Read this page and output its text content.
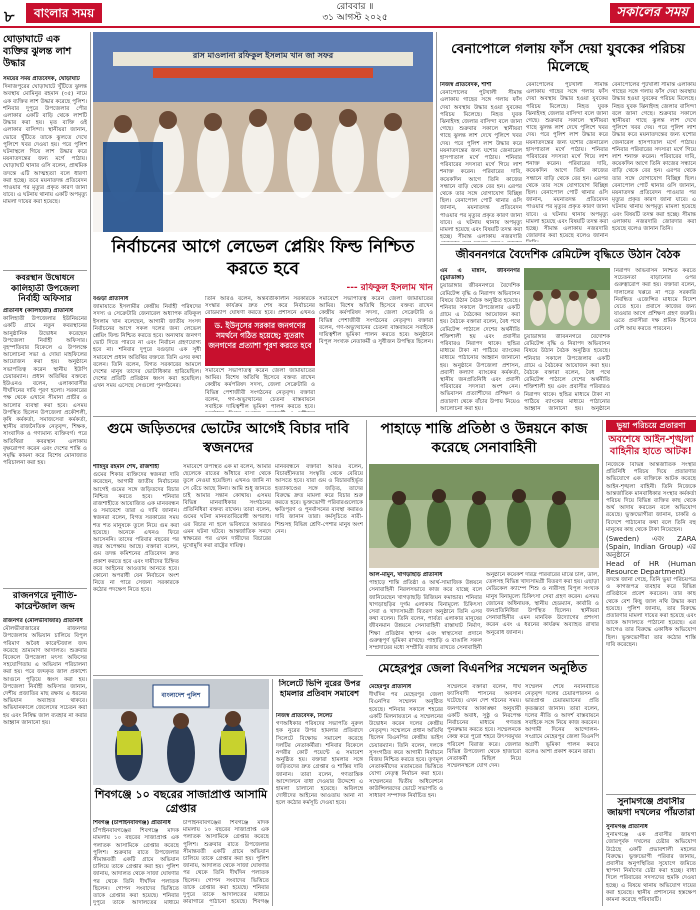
৮	বাংলার সময়	রোববার ॥
৩১ আগস্ট ২০২৫	সকালের সময়
ঘোড়াঘাটে এক ব্যক্তির ঝুলন্ত লাশ উদ্ধার

সময়ের সময় প্রতিবেদক, ঘোড়াঘাট

দিনাজপুরের ঘোড়াঘাটে খুঁটিতে ঝুলন্ত অবস্থায় মোমিনুর রহমান (৩৫) নামে এক ব্যক্তির লাশ উদ্ধার করেছে পুলিশ। শনিবার দুপুরে উপজেলার পৌর এলাকার একটি বাড়ি থেকে লাশটি উদ্ধার করা হয়। মৃত ব্যক্তি ওই এলাকার বাসিন্দা। স্থানীয়রা জানান, ভোরে খুঁটিতে তাকে ঝুলতে দেখে পুলিশে খবর দেওয়া হয়। পরে পুলিশ ঘটনাস্থলে গিয়ে লাশ উদ্ধার করে ময়নাতদন্তের জন্য মর্গে পাঠায়। ঘোড়াঘাট থানার ওসি বলেন, প্রাথমিক তদন্তে এটি আত্মহত্যা বলে ধারণা করা হচ্ছে। তবে ময়নাতদন্ত প্রতিবেদন পাওয়ার পর মৃত্যুর প্রকৃত কারণ জানা যাবে। এ ঘটনায় থানায় একটি অপমৃত্যু মামলা দায়ের করা হয়েছে।

কবরস্থান উদ্বোধনে
কালিহাতী উপজেলা নির্বাহী অফিসার

প্রতিনিধি (কালিহাতী) প্রতিনিধি

কালিহাতী উপজেলার ইউনিয়নের একটি গ্রামে নতুন কবরস্থানের আনুষ্ঠানিক উদ্বোধন করেছেন উপজেলা নির্বাহী অফিসার। বৃহস্পতিবার বিকেলে এ উপলক্ষে আলোচনা সভা ও দোয়া মাহফিলের আয়োজন করা হয়। অনুষ্ঠানে সভাপতিত্ব করেন স্থানীয় ইউপি চেয়ারম্যান। প্রধান অতিথির বক্তব্যে ইউএনও বলেন, এলাকাবাসীর দীর্ঘদিনের দাবি পূরণ হলো। সরকারের পক্ষ থেকে এখানে সীমানা প্রাচীর ও আলোর ব্যবস্থা করা হবে। এসময় উপস্থিত ছিলেন উপজেলা প্রকৌশলী, কৃষি কর্মকর্তা, সমাজসেবা কর্মকর্তা, স্থানীয় রাজনৈতিক নেতৃবৃন্দ, শিক্ষক, সাংবাদিক ও গণ্যমান্য ব্যক্তিবর্গ। পরে অতিথিরা কবরস্থান এলাকায় বৃক্ষরোপণ করেন এবং দেশের শান্তি ও সমৃদ্ধি কামনা করে বিশেষ মোনাজাত পরিচালনা করা হয়।

রাজনগরে দুর্নীতি-কারেন্টজাল জব্দ

রাজনগর (মৌলভীবাজার) প্রতিনিধি

মৌলভীবাজারের রাজনগর উপজেলায় অভিযান চালিয়ে বিপুল পরিমাণ অবৈধ কারেন্টজাল জব্দ করেছে ভ্রাম্যমাণ আদালত। শুক্রবার বিকেলে উপজেলা মৎস্য অফিসের সহযোগিতায় এ অভিযান পরিচালনা করা হয়। পরে জব্দকৃত জাল প্রকাশ্যে আগুনে পুড়িয়ে ধ্বংস করা হয়। উপজেলা নির্বাহী অফিসার জানান, দেশীয় প্রজাতির মাছ রক্ষায় এ ধরনের অভিযান অব্যাহত থাকবে। অভিযানকালে জেলেদের সচেতন করা হয় এবং নিষিদ্ধ জাল ব্যবহার না করার আহ্বান জানানো হয়।

রাস মাওলানা রফিকুল ইসলাম খান জা সফর
নির্বাচনের আগে লেভেল প্লেয়িং ফিল্ড নিশ্চিত করতে হবে
--- রফিকুল ইসলাম খান

বগুড়া প্রতিনিধি

জামায়াতে ইসলামীর কেন্দ্রীয় নির্বাহী পরিষদের সদস্য ও সেক্রেটারি জেনারেল অধ্যাপক রফিকুল ইসলাম খান বলেছেন, আগামী জাতীয় সংসদ নির্বাচনের আগে সকল দলের জন্য লেভেল প্লেয়িং ফিল্ড নিশ্চিত করতে হবে। অন্যথায় জনগণ ভোট দিতে পারবে না এবং নির্বাচন গ্রহণযোগ্য হবে না। শনিবার দুপুরে বগুড়ায় এক সুধী সমাবেশে প্রধান অতিথির বক্তব্যে তিনি এসব কথা বলেন। তিনি বলেন, বিগত সরকারের আমলে দেশের মানুষ তাদের ভোটাধিকার হারিয়েছিল। দেশের প্রতিটি প্রতিষ্ঠান ধ্বংস করা হয়েছিল। এখন সময় এসেছে সেগুলো পুনর্গঠনের।

তিনি আরও বলেন, অন্তর্বর্তীকালীন সরকারকে সংস্কার কার্যক্রম দ্রুত শেষ করে নির্বাচনের রোডম্যাপ ঘোষণা করতে হবে। প্রশাসনে এখনও

ড. ইউনূসের সরকার জনগণের সমর্থনে গঠিত হয়েছে; সুতরাং জনগণের প্রত্যাশা পূরণ করতে হবে

সমাবেশে সভাপতিত্ব করেন জেলা জামায়াতের আমির। বিশেষ অতিথি হিসেবে বক্তব্য রাখেন কেন্দ্রীয় কর্মপরিষদ সদস্য, জেলা সেক্রেটারি ও বিভিন্ন পেশাজীবী সংগঠনের নেতৃবৃন্দ। বক্তারা বলেন, গণ-অভ্যুত্থানের চেতনা বাস্তবায়নে সবাইকে দায়িত্বশীল ভূমিকা পালন করতে হবে।

সমাবেশে সভাপতিত্ব করেন জেলা জামায়াতের আমির। বিশেষ অতিথি হিসেবে বক্তব্য রাখেন কেন্দ্রীয় কর্মপরিষদ সদস্য, জেলা সেক্রেটারি ও বিভিন্ন পেশাজীবী সংগঠনের নেতৃবৃন্দ। বক্তারা বলেন, গণ-অভ্যুত্থানের চেতনা বাস্তবায়নে সবাইকে দায়িত্বশীল ভূমিকা পালন করতে হবে। অনুষ্ঠানে বিপুল সংখ্যক নেতাকর্মী ও সুধীজন উপস্থিত ছিলেন।

বেনাপোলে গলায় ফাঁস দেয়া যুবকের পরিচয় মিলেছে

নিজস্ব প্রতিবেদক, শার্শা

বেনাপোলের পুটখালী সীমান্ত এলাকায় গাছের সঙ্গে গলায় ফাঁস দেয়া অবস্থায় উদ্ধার হওয়া যুবকের পরিচয় মিলেছে। নিহত যুবক ঝিনাইদহ জেলার বাসিন্দা বলে জানা গেছে। শুক্রবার সকালে স্থানীয়রা গাছে ঝুলন্ত লাশ দেখে পুলিশে খবর দেয়। পরে পুলিশ লাশ উদ্ধার করে ময়নাতদন্তের জন্য যশোর জেনারেল হাসপাতাল মর্গে পাঠায়। শনিবার পরিবারের সদস্যরা মর্গে গিয়ে লাশ শনাক্ত করেন। পরিবারের দাবি, কয়েকদিন আগে তিনি কাজের সন্ধানে বাড়ি থেকে বের হন। এরপর থেকে তার সঙ্গে যোগাযোগ বিচ্ছিন্ন ছিল। বেনাপোল পোর্ট থানার ওসি জানান, ময়নাতদন্ত প্রতিবেদন পাওয়ার পর মৃত্যুর প্রকৃত কারণ জানা যাবে। এ ঘটনায় থানায় অপমৃত্যু মামলা হয়েছে এবং বিষয়টি তদন্ত করা হচ্ছে। সীমান্ত এলাকায় নজরদারি

বেনাপোলের পুটখালী সীমান্ত এলাকায় গাছের সঙ্গে গলায় ফাঁস দেয়া অবস্থায় উদ্ধার হওয়া যুবকের পরিচয় মিলেছে। নিহত যুবক ঝিনাইদহ জেলার বাসিন্দা বলে জানা গেছে। শুক্রবার সকালে স্থানীয়রা গাছে ঝুলন্ত লাশ দেখে পুলিশে খবর দেয়। পরে পুলিশ লাশ উদ্ধার করে ময়নাতদন্তের জন্য যশোর জেনারেল হাসপাতাল মর্গে পাঠায়। শনিবার পরিবারের সদস্যরা মর্গে গিয়ে লাশ শনাক্ত করেন। পরিবারের দাবি, কয়েকদিন আগে তিনি কাজের সন্ধানে বাড়ি থেকে বের হন। এরপর থেকে তার সঙ্গে যোগাযোগ বিচ্ছিন্ন ছিল। বেনাপোল পোর্ট থানার ওসি জানান, ময়নাতদন্ত প্রতিবেদন পাওয়ার পর মৃত্যুর প্রকৃত কারণ জানা যাবে। এ ঘটনায় থানায় অপমৃত্যু মামলা হয়েছে এবং বিষয়টি তদন্ত করা হচ্ছে। সীমান্ত এলাকায় নজরদারি জোরদার করা হয়েছে বলেও জানান

বেনাপোলের পুটখালী সীমান্ত এলাকায় গাছের সঙ্গে গলায় ফাঁস দেয়া অবস্থায় উদ্ধার হওয়া যুবকের পরিচয় মিলেছে। নিহত যুবক ঝিনাইদহ জেলার বাসিন্দা বলে জানা গেছে। শুক্রবার সকালে স্থানীয়রা গাছে ঝুলন্ত লাশ দেখে পুলিশে খবর দেয়। পরে পুলিশ লাশ উদ্ধার করে ময়নাতদন্তের জন্য যশোর জেনারেল হাসপাতাল মর্গে পাঠায়। শনিবার পরিবারের সদস্যরা মর্গে গিয়ে লাশ শনাক্ত করেন। পরিবারের দাবি, কয়েকদিন আগে তিনি কাজের সন্ধানে বাড়ি থেকে বের হন। এরপর থেকে তার সঙ্গে যোগাযোগ বিচ্ছিন্ন ছিল। বেনাপোল পোর্ট থানার ওসি জানান, ময়নাতদন্ত প্রতিবেদন পাওয়ার পর মৃত্যুর প্রকৃত কারণ জানা যাবে। এ ঘটনায় থানায় অপমৃত্যু মামলা হয়েছে এবং বিষয়টি তদন্ত করা হচ্ছে। সীমান্ত এলাকায় নজরদারি জোরদার করা হয়েছে বলেও জানান তিনি।

জীবননগরে বৈদেশিক রেমিটেন্স বৃদ্ধিতে উঠান বৈঠক

এম এ মান্নান, জীবননগর (চুয়াডাঙ্গা)

চুয়াডাঙ্গার জীবননগরে বৈদেশিক রেমিটেন্স বৃদ্ধি ও নিরাপদ অভিবাসন বিষয়ে উঠান বৈঠক অনুষ্ঠিত হয়েছে। শনিবার সকালে উপজেলার একটি গ্রামে এ বৈঠকের আয়োজন করা হয়। বৈঠকে বক্তারা বলেন, বৈধ পথে রেমিটেন্স পাঠালে দেশের অর্থনীতি শক্তিশালী হয় এবং প্রবাসীর পরিবারও নিরাপদ থাকে। হুন্ডির মাধ্যমে টাকা না পাঠিয়ে ব্যাংকের মাধ্যমে পাঠানোর আহ্বান জানানো হয়। অনুষ্ঠানে উপজেলা প্রশাসন, প্রবাসী কল্যাণ ব্যাংকের কর্মকর্তা, স্থানীয় জনপ্রতিনিধি এবং প্রবাসী পরিবারের সদস্যরা অংশ নেন। অভিবাসন প্রত্যাশীদের প্রশিক্ষণ ও প্রতারণা থেকে বাঁচার উপায় নিয়েও আলোচনা করা হয়।

চুয়াডাঙ্গার জীবননগরে বৈদেশিক রেমিটেন্স বৃদ্ধি ও নিরাপদ অভিবাসন বিষয়ে উঠান বৈঠক অনুষ্ঠিত হয়েছে। শনিবার সকালে উপজেলার একটি গ্রামে এ বৈঠকের আয়োজন করা হয়। বৈঠকে বক্তারা বলেন, বৈধ পথে রেমিটেন্স পাঠালে দেশের অর্থনীতি শক্তিশালী হয় এবং প্রবাসীর পরিবারও নিরাপদ থাকে। হুন্ডির মাধ্যমে টাকা না পাঠিয়ে ব্যাংকের মাধ্যমে পাঠানোর আহ্বান জানানো হয়। অনুষ্ঠানে

নিরাপদ অভিবাসন নিশ্চিত করতে সচেতনতা বাড়ানোর ওপর গুরুত্বারোপ করা হয়। বক্তারা বলেন, দালালের খপ্পরে না পড়ে সরকারি নিবন্ধিত এজেন্সির মাধ্যমে বিদেশ যেতে হবে। প্রবাসে কাজের জন্য যাওয়ার আগে প্রশিক্ষণ গ্রহণ জরুরি। এতে প্রবাসীরা দক্ষ শ্রমিক হিসেবে বেশি আয় করতে পারবেন।

গুমে জড়িতদের ভোটের আগেই বিচার দাবি স্বজনদের

শাহিদুর রহমান শেখ, রাজশাহী

গুমের শিকার ব্যক্তিদের স্বজনরা দাবি করেছেন, আগামী জাতীয় নির্বাচনের আগেই গুমের সঙ্গে জড়িতদের বিচার নিশ্চিত করতে হবে। শনিবার রাজশাহীতে আয়োজিত এক মানববন্ধন ও সমাবেশে তারা এ দাবি জানান। স্বজনরা বলেন, বিগত সরকারের সময় শত শত মানুষকে তুলে নিয়ে গুম করা হয়েছে। অনেকে এখনও ফিরে আসেননি। তাদের পরিবার বছরের পর বছর অপেক্ষায় আছে। বক্তারা বলেন, গুম তদন্ত কমিশনের প্রতিবেদন দ্রুত প্রকাশ করতে হবে এবং দায়ীদের চিহ্নিত করে আইনের আওতায় আনতে হবে। কোনো অপরাধী যেন নির্বাচনে অংশ নিতে না পারে সেজন্য সরকারকে কঠোর পদক্ষেপ নিতে হবে।

সমাবেশে উপস্থিত এক মা বলেন, আমার ছেলেকে রাতের আঁধারে বাসা থেকে তুলে নেওয়া হয়েছিল। এখনও জানি না সে বেঁচে আছে কিনা। আমি শুধু জানতে চাই আমার সন্তান কোথায়। এসময় বিভিন্ন মানবাধিকার সংগঠনের প্রতিনিধিরা বক্তব্য রাখেন। তারা বলেন, গুমের ঘটনা মানবতাবিরোধী অপরাধ। এর বিচার না হলে ভবিষ্যতে আবারও এমন ঘটনা ঘটবে। আন্তর্জাতিক সনদে স্বাক্ষরের পর এখন দায়ীদের বিচারের মুখোমুখি করা রাষ্ট্রের দায়িত্ব।

মানববন্ধনে বক্তারা আরও বলেন, বিচারহীনতার সংস্কৃতি থেকে বেরিয়ে আসতে হবে। যারা গুম ও বিচারবহির্ভূত হত্যাকাণ্ডের সঙ্গে জড়িত, তাদের বিরুদ্ধে দ্রুত মামলা করে বিচার শুরু করতে হবে। ভুক্তভোগী পরিবারগুলোকে ক্ষতিপূরণ ও পুনর্বাসনের ব্যবস্থা করারও দাবি জানান তারা। কর্মসূচিতে নারী-শিশুসহ বিভিন্ন শ্রেণি-পেশার মানুষ অংশ নেন।

পাহাড়ে শান্তি প্রতিষ্ঠা ও উন্নয়নে কাজ করেছে সেনাবাহিনী

আল-মামুন, খাগড়াছড়ি প্রতিনিধি

পাহাড়ে শান্তি প্রতিষ্ঠা ও আর্থ-সামাজিক উন্নয়নে সেনাবাহিনী নিরলসভাবে কাজ করে যাচ্ছে বলে জানিয়েছেন খাগড়াছড়ি রিজিয়ন কমান্ডার। শনিবার খাগড়াছড়ির দুর্গম এলাকায় বিনামূল্যে চিকিৎসা সেবা ও খাদ্যসামগ্রী বিতরণ অনুষ্ঠানে তিনি এসব কথা বলেন। তিনি বলেন, পার্বত্য এলাকার মানুষের জীবনমান উন্নয়নে সেনাবাহিনী রাস্তাঘাট নির্মাণ, শিক্ষা প্রতিষ্ঠান স্থাপন এবং স্বাস্থ্যসেবা প্রদানে গুরুত্বপূর্ণ ভূমিকা রাখছে। পাহাড়ি ও বাঙালি সকল সম্প্রদায়ের মধ্যে সম্প্রীতি বজায় রাখতে সেনাবাহিনী

অনুষ্ঠানে কয়েকশ দরিদ্র পরিবারের মাঝে চাল, ডাল, তেলসহ বিভিন্ন খাদ্যসামগ্রী বিতরণ করা হয়। এছাড়া মেডিকেল ক্যাম্পে শিশু ও নারীসহ বিপুল সংখ্যক মানুষ বিনামূল্যে চিকিৎসা সেবা গ্রহণ করেন। এসময় জোনের অধিনায়ক, স্থানীয় হেডম্যান, কার্বারি ও জনপ্রতিনিধিরা উপস্থিত ছিলেন। স্থানীয়রা সেনাবাহিনীর এমন মানবিক উদ্যোগের প্রশংসা করেন এবং এ ধরনের কার্যক্রম অব্যাহত রাখার অনুরোধ জানান।

ভুয়া পরিচয়ে প্রতারণা
অবশেষে আইন-শৃঙ্খলা বাহিনীর হাতে আটক!

নিজেকে বিভিন্ন আন্তর্জাতিক সংস্থার প্রতিনিধি পরিচয় দিয়ে প্রতারণার অভিযোগে এক ব্যক্তিকে আটক করেছে আইন-শৃঙ্খলা বাহিনী। তিনি নিজেকে আন্তর্জাতিক মানবাধিকার সংস্থার কর্মকর্তা পরিচয় দিয়ে বিভিন্ন ব্যক্তির কাছ থেকে অর্থ আদায় করতেন বলে অভিযোগ রয়েছে। ভুক্তভোগীরা জানান, চাকরি ও বিদেশে পাঠানোর কথা বলে তিনি বহু মানুষের কাছ থেকে টাকা নিয়েছেন।

(Sweden) এবং ZARA (Spain, Indian Group) এর অনুষ্ঠানে

Head of HR (Human Resource Department)

তদন্তে জানা গেছে, তিনি ভুয়া পরিচয়পত্র ও কাগজপত্র ব্যবহার করে বিভিন্ন প্রতিষ্ঠানে প্রবেশ করতেন। তার কাছ থেকে বেশ কিছু জাল নথি উদ্ধার করা হয়েছে। পুলিশ জানায়, তার বিরুদ্ধে প্রতারণার মামলা দায়ের করা হয়েছে এবং তাকে আদালতে পাঠানো হয়েছে। এর আগেও তার বিরুদ্ধে একাধিক অভিযোগ ছিল। ভুক্তভোগীরা তার কঠোর শাস্তি দাবি করেছেন।

সুনামগঞ্জে প্রবাসীর জায়গা দখলের পাঁয়তারা

সুনামগঞ্জ প্রতিনিধি

সুনামগঞ্জে এক প্রবাসীর জায়গা জোরপূর্বক দখলের চেষ্টার অভিযোগ উঠেছে একটি প্রভাবশালী মহলের বিরুদ্ধে। ভুক্তভোগী পরিবার জানায়, প্রবাসীর অনুপস্থিতির সুযোগে জমিতে স্থাপনা নির্মাণের চেষ্টা করা হচ্ছে। বাধা দিলে পরিবারের সদস্যদের হুমকি দেওয়া হচ্ছে। এ বিষয়ে থানায় অভিযোগ দায়ের করা হয়েছে। স্থানীয় প্রশাসনের হস্তক্ষেপ কামনা করেছে পরিবারটি।

বাংলাদেশ পুলিশ
শিবগঞ্জে ১০ বছরের সাজাপ্রাপ্ত আসামি গ্রেপ্তার

শিবগঞ্জ (চাঁপাইনবাবগঞ্জ) প্রতিনিধি

চাঁপাইনবাবগঞ্জের শিবগঞ্জে মাদক মামলায় ১০ বছরের সাজাপ্রাপ্ত এক পলাতক আসামিকে গ্রেপ্তার করেছে পুলিশ। শুক্রবার রাতে উপজেলার সীমান্তবর্তী একটি গ্রামে অভিযান চালিয়ে তাকে গ্রেপ্তার করা হয়। পুলিশ জানায়, আদালত থেকে সাজা ঘোষণার পর থেকে তিনি দীর্ঘদিন পলাতক ছিলেন। গোপন সংবাদের ভিত্তিতে তাকে গ্রেপ্তার করা হয়েছে। শনিবার দুপুরে তাকে আদালতের মাধ্যমে

চাঁপাইনবাবগঞ্জের শিবগঞ্জে মাদক মামলায় ১০ বছরের সাজাপ্রাপ্ত এক পলাতক আসামিকে গ্রেপ্তার করেছে পুলিশ। শুক্রবার রাতে উপজেলার সীমান্তবর্তী একটি গ্রামে অভিযান চালিয়ে তাকে গ্রেপ্তার করা হয়। পুলিশ জানায়, আদালত থেকে সাজা ঘোষণার পর থেকে তিনি দীর্ঘদিন পলাতক ছিলেন। গোপন সংবাদের ভিত্তিতে তাকে গ্রেপ্তার করা হয়েছে। শনিবার দুপুরে তাকে আদালতের মাধ্যমে কারাগারে পাঠানো হয়েছে। শিবগঞ্জ

সিলেটে ভিপি নুরের উপর হামলার প্রতিবাদ সমাবেশ

নিজস্ব প্রতিবেদক, সিলেট

গণঅধিকার পরিষদের সভাপতি নুরুল হক নুরের উপর হামলার প্রতিবাদে সিলেটে বিক্ষোভ সমাবেশ করেছে দলটির নেতাকর্মীরা। শনিবার বিকেলে নগরীর কোর্ট পয়েন্টে এ সমাবেশ অনুষ্ঠিত হয়। বক্তারা হামলার সঙ্গে জড়িতদের দ্রুত গ্রেপ্তার ও শাস্তির দাবি জানান। তারা বলেন, গণতান্ত্রিক আন্দোলনে বাধা দেওয়ার উদ্দেশ্যে এ হামলা চালানো হয়েছে। অবিলম্বে দোষীদের আইনের আওতায় আনা না হলে কঠোর কর্মসূচি দেওয়া হবে।

মেহেরপুর জেলা বিএনপির সম্মেলন অনুষ্ঠিত

মেহেরপুর প্রতিনিধি

দীর্ঘদিন পর মেহেরপুর জেলা বিএনপির সম্মেলন অনুষ্ঠিত হয়েছে। শনিবার সকালে শহরের একটি মিলনায়তনে এ সম্মেলনের উদ্বোধন করেন দলের কেন্দ্রীয় নেতৃবৃন্দ। সম্মেলনে প্রধান অতিথি ছিলেন বিএনপির কেন্দ্রীয় ভাইস চেয়ারম্যান। তিনি বলেন, দলকে সুসংগঠিত করে আগামী নির্বাচনে বিজয় নিশ্চিত করতে হবে। তৃণমূল নেতাকর্মীদের মতামতের ভিত্তিতে যোগ্য নেতৃত্ব নির্বাচন করা হবে। সম্মেলনের দ্বিতীয় অধিবেশনে কাউন্সিলরদের ভোটে সভাপতি ও সাধারণ সম্পাদক নির্বাচিত হন।

সম্মেলনে বক্তারা বলেন, দীর্ঘ ফ্যাসিবাদী শাসনের অবসান ঘটেছে। এখন দেশ গঠনের সময়। জনগণের আকাঙ্ক্ষা অনুযায়ী একটি অবাধ, সুষ্ঠু ও নিরপেক্ষ নির্বাচনের মাধ্যমে গণতন্ত্র পুনরুদ্ধার করতে হবে। সম্মেলনকে কেন্দ্র করে পুরো শহরে উৎসবমুখর পরিবেশ বিরাজ করে। জেলার বিভিন্ন উপজেলা থেকে হাজারো নেতাকর্মী মিছিল নিয়ে সম্মেলনস্থলে যোগ দেন।

সম্মেলন শেষে নবনির্বাচিত নেতৃবৃন্দ দলের চেয়ারপারসন ও ভারপ্রাপ্ত চেয়ারম্যানের প্রতি কৃতজ্ঞতা জানান। তারা বলেন, দলের নীতি ও আদর্শ বাস্তবায়নে সবাইকে সঙ্গে নিয়ে কাজ করবেন। আগামী দিনের আন্দোলন-সংগ্রামে মেহেরপুর জেলা বিএনপি অগ্রণী ভূমিকা পালন করবে বলেও আশা প্রকাশ করেন তারা।
